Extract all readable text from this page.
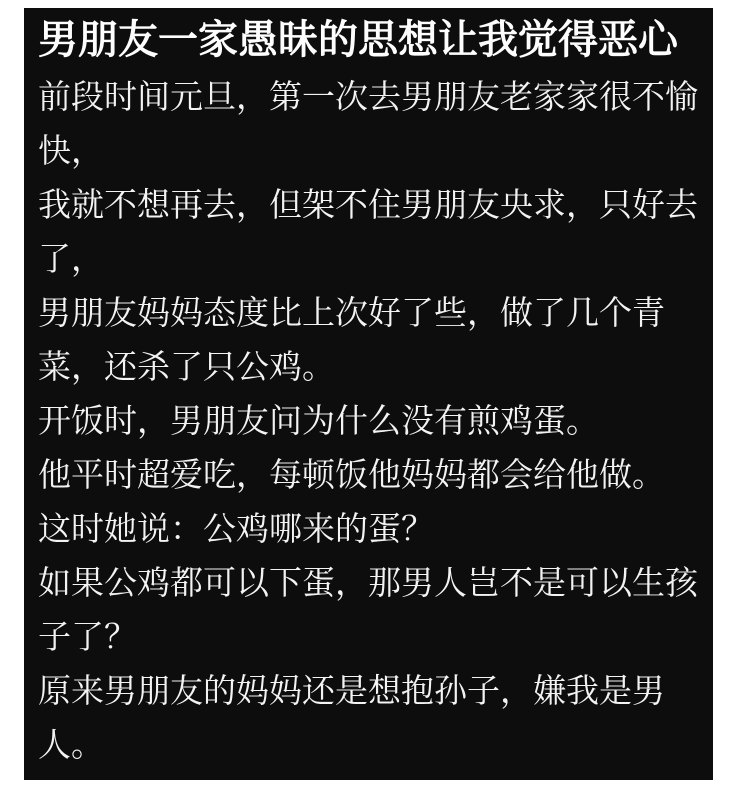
男朋友一家愚昧的思想让我觉得恶心

前段时间元旦，第一次去男朋友老家家很不愉快，

我就不想再去，但架不住男朋友央求，只好去了，

男朋友妈妈态度比上次好了些，做了几个青菜，还杀了只公鸡。

开饭时，男朋友问为什么没有煎鸡蛋。

他平时超爱吃，每顿饭他妈妈都会给他做。

这时她说：公鸡哪来的蛋？

如果公鸡都可以下蛋，那男人岂不是可以生孩子了？

原来男朋友的妈妈还是想抱孙子，嫌我是男人。
